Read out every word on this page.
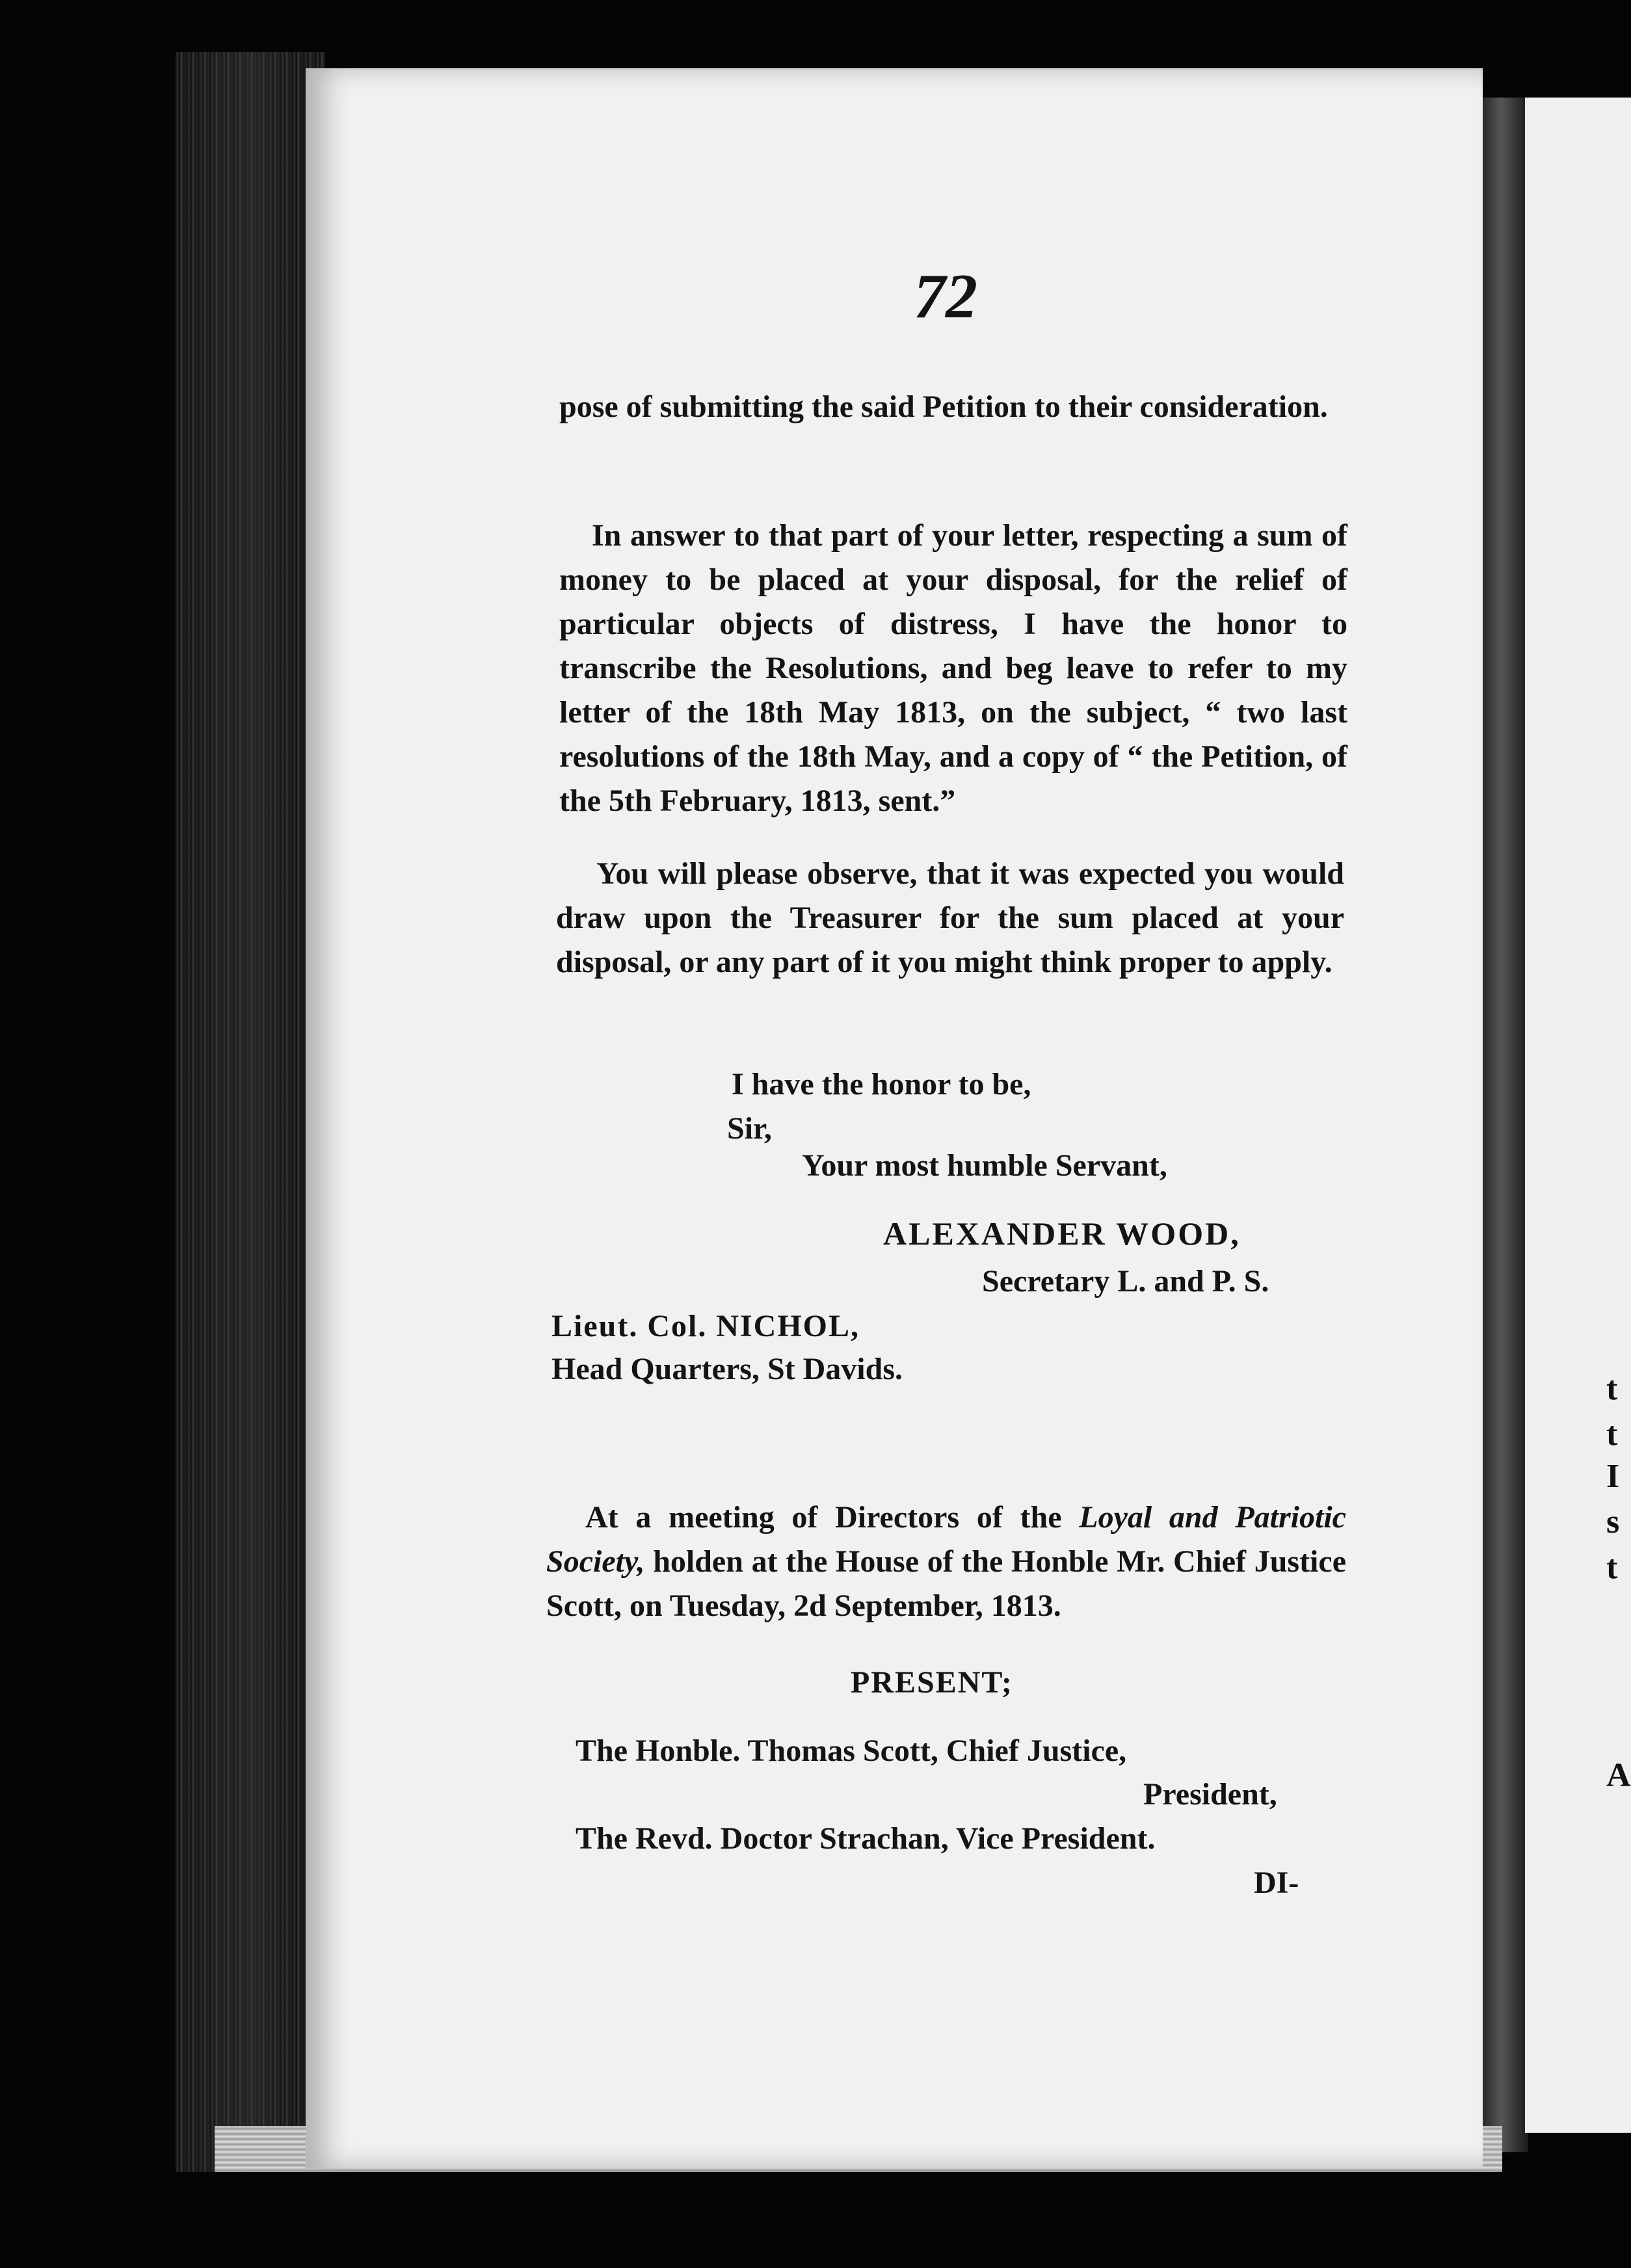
t
t
I
s
t
A

72

pose of submitting the said Petition to their consideration.

In answer to that part of your letter, respecting a sum of money to be placed at your disposal, for the relief of particular objects of distress, I have the honor to transcribe the Resolutions, and beg leave to refer to my letter of the 18th May 1813, on the subject, “ two last resolutions of the 18th May, and a copy of “ the Petition, of the 5th February, 1813, sent.”

You will please observe, that it was expected you would draw upon the Treasurer for the sum placed at your disposal, or any part of it you might think proper to apply.

I have the honor to be,
Sir,
Your most humble Servant,
ALEXANDER WOOD,
Secretary L. and P. S.
Lieut. Col. NICHOL,
Head Quarters, St Davids.

At a meeting of Directors of the Loyal and Patriotic Society, holden at the House of the Honble Mr. Chief Justice Scott, on Tuesday, 2d September, 1813.

PRESENT;
The Honble. Thomas Scott, Chief Justice,
President,
The Revd. Doctor Strachan, Vice President.
DI-
